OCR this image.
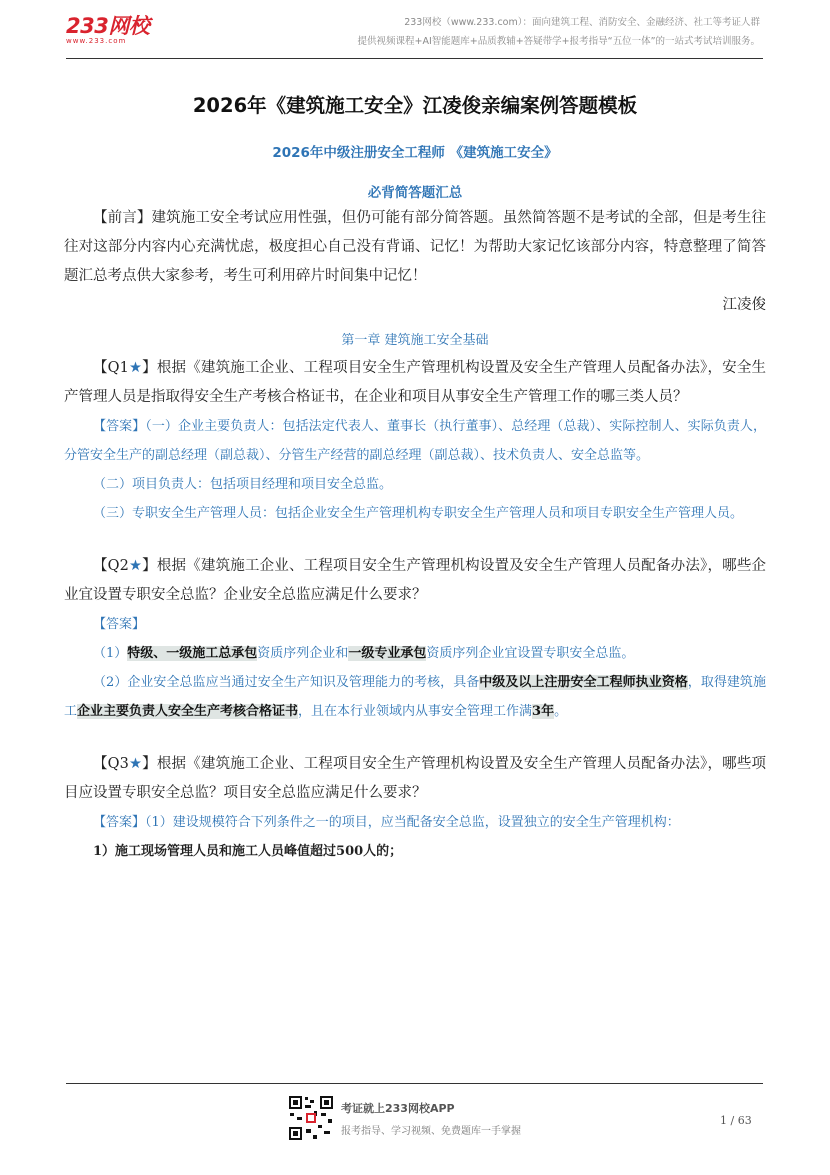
233网校
www.233.com
233网校（www.233.com）：面向建筑工程、消防安全、金融经济、社工等考证人群
提供视频课程+AI智能题库+品质教辅+答疑带学+报考指导“五位一体”的一站式考试培训服务。
2026年《建筑施工安全》江凌俊亲编案例答题模板
2026年中级注册安全工程师 《建筑施工安全》
必背简答题汇总

【前言】建筑施工安全考试应用性强，但仍可能有部分简答题。虽然简答题不是考试的全部，但是考生往往对这部分内容内心充满忧虑，极度担心自己没有背诵、记忆！为帮助大家记忆该部分内容，特意整理了简答题汇总考点供大家参考，考生可利用碎片时间集中记忆！

江凌俊

第一章 建筑施工安全基础

【Q1★】根据《建筑施工企业、工程项目安全生产管理机构设置及安全生产管理人员配备办法》，安全生产管理人员是指取得安全生产考核合格证书，在企业和项目从事安全生产管理工作的哪三类人员？

【答案】（一）企业主要负责人：包括法定代表人、董事长（执行董事）、总经理（总裁）、实际控制人、实际负责人，分管安全生产的副总经理（副总裁）、分管生产经营的副总经理（副总裁）、技术负责人、安全总监等。

（二）项目负责人：包括项目经理和项目安全总监。

（三）专职安全生产管理人员：包括企业安全生产管理机构专职安全生产管理人员和项目专职安全生产管理人员。

【Q2★】根据《建筑施工企业、工程项目安全生产管理机构设置及安全生产管理人员配备办法》，哪些企业宜设置专职安全总监？企业安全总监应满足什么要求？

【答案】

（1）特级、一级施工总承包资质序列企业和一级专业承包资质序列企业宜设置专职安全总监。

（2）企业安全总监应当通过安全生产知识及管理能力的考核，具备中级及以上注册安全工程师执业资格，取得建筑施工企业主要负责人安全生产考核合格证书，且在本行业领域内从事安全管理工作满3年。

【Q3★】根据《建筑施工企业、工程项目安全生产管理机构设置及安全生产管理人员配备办法》，哪些项目应设置专职安全总监？项目安全总监应满足什么要求？

【答案】（1）建设规模符合下列条件之一的项目，应当配备安全总监，设置独立的安全生产管理机构：

1）施工现场管理人员和施工人员峰值超过500人的；

考证就上233网校APP
报考指导、学习视频、免费题库一手掌握
1 / 63
